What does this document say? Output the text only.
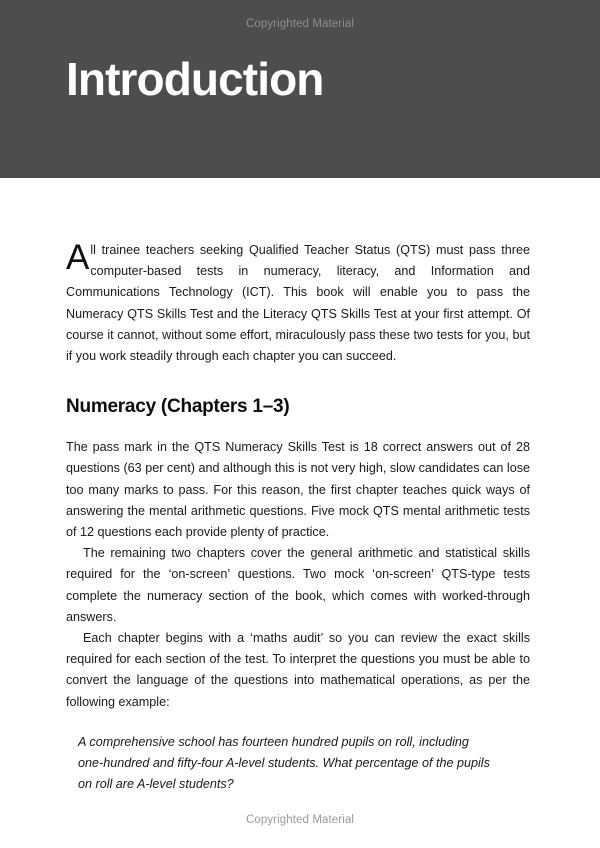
Copyrighted Material
Introduction

All trainee teachers seeking Qualified Teacher Status (QTS) must pass three computer-based tests in numeracy, literacy, and Information and Communications Technology (ICT). This book will enable you to pass the Numeracy QTS Skills Test and the Literacy QTS Skills Test at your first attempt. Of course it cannot, without some effort, miraculously pass these two tests for you, but if you work steadily through each chapter you can succeed.

Numeracy (Chapters 1–3)

The pass mark in the QTS Numeracy Skills Test is 18 correct answers out of 28 questions (63 per cent) and although this is not very high, slow candidates can lose too many marks to pass. For this reason, the first chapter teaches quick ways of answering the mental arithmetic questions. Five mock QTS mental arithmetic tests of 12 questions each provide plenty of practice.

The remaining two chapters cover the general arithmetic and statistical skills required for the ‘on-screen’ questions. Two mock ‘on-screen’ QTS-type tests complete the numeracy section of the book, which comes with worked-through answers.

Each chapter begins with a ‘maths audit’ so you can review the exact skills required for each section of the test. To interpret the questions you must be able to convert the language of the questions into mathematical operations, as per the following example:

A comprehensive school has fourteen hundred pupils on roll, including

one-hundred and fifty-four A-level students. What percentage of the pupils

on roll are A-level students?

Copyrighted Material
